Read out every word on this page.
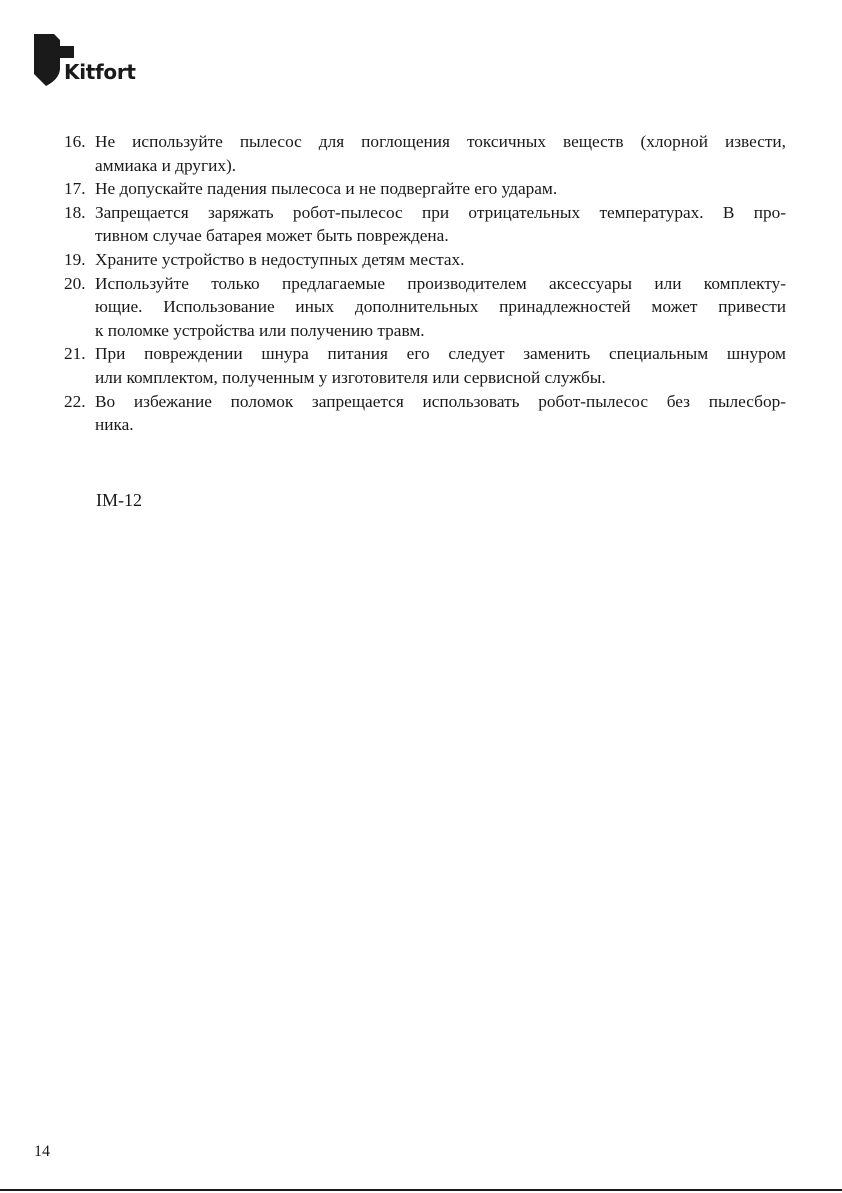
Kitfort
16. Не используйте пылесос для поглощения токсичных веществ (хлорной извести,
аммиака и других).
17. Не допускайте падения пылесоса и не подвергайте его ударам.
18. Запрещается заряжать робот-пылесос при отрицательных температурах. В про-
тивном случае батарея может быть повреждена.
19. Храните устройство в недоступных детям местах.
20. Используйте только предлагаемые производителем аксессуары или комплекту-
ющие. Использование иных дополнительных принадлежностей может привести
к поломке устройства или получению травм.
21. При повреждении шнура питания его следует заменить специальным шнуром
или комплектом, полученным у изготовителя или сервисной службы.
22. Во избежание поломок запрещается использовать робот-пылесос без пылесбор-
ника.
IM-12
14
